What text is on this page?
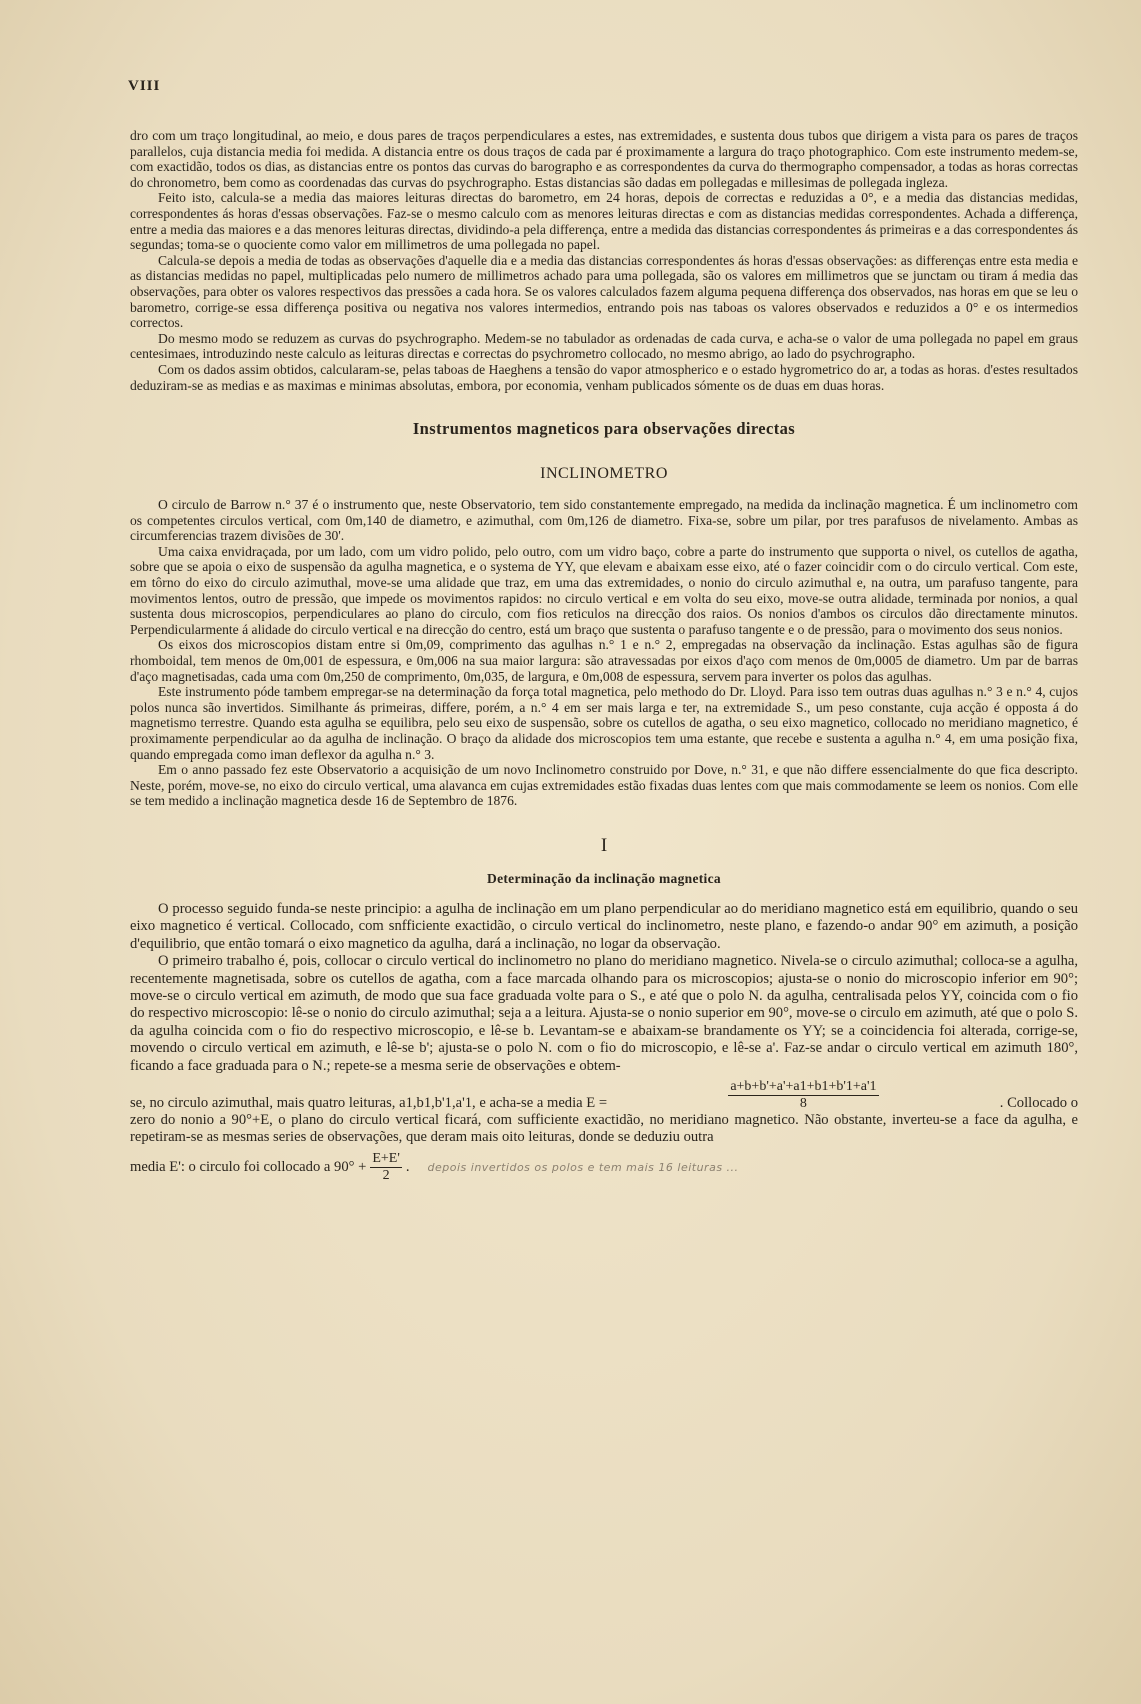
VIII

dro com um traço longitudinal, ao meio, e dous pares de traços perpendiculares a estes, nas extremidades, e sustenta dous tubos que dirigem a vista para os pares de traços parallelos, cuja distancia media foi medida. A distancia entre os dous traços de cada par é proximamente a largura do traço photographico. Com este instrumento medem-se, com exactidão, todos os dias, as distancias entre os pontos das curvas do barographo e as correspondentes da curva do thermographo compensador, a todas as horas correctas do chronometro, bem como as coordenadas das curvas do psychrographo. Estas distancias são dadas em pollegadas e millesimas de pollegada ingleza.

Feito isto, calcula-se a media das maiores leituras directas do barometro, em 24 horas, depois de correctas e reduzidas a 0°, e a media das distancias medidas, correspondentes ás horas d'essas observações. Faz-se o mesmo calculo com as menores leituras directas e com as distancias medidas correspondentes. Achada a differença, entre a media das maiores e a das menores leituras directas, dividindo-a pela differença, entre a medida das distancias correspondentes ás primeiras e a das correspondentes ás segundas; toma-se o quociente como valor em millimetros de uma pollegada no papel.

Calcula-se depois a media de todas as observações d'aquelle dia e a media das distancias correspondentes ás horas d'essas observações: as differenças entre esta media e as distancias medidas no papel, multiplicadas pelo numero de millimetros achado para uma pollegada, são os valores em millimetros que se junctam ou tiram á media das observações, para obter os valores respectivos das pressões a cada hora. Se os valores calculados fazem alguma pequena differença dos observados, nas horas em que se leu o barometro, corrige-se essa differença positiva ou negativa nos valores intermedios, entrando pois nas taboas os valores observados e reduzidos a 0° e os intermedios correctos.

Do mesmo modo se reduzem as curvas do psychrographo. Medem-se no tabulador as ordenadas de cada curva, e acha-se o valor de uma pollegada no papel em graus centesimaes, introduzindo neste calculo as leituras directas e correctas do psychrometro collocado, no mesmo abrigo, ao lado do psychrographo.

Com os dados assim obtidos, calcularam-se, pelas taboas de Haeghens a tensão do vapor atmospherico e o estado hygrometrico do ar, a todas as horas. d'estes resultados deduziram-se as medias e as maximas e minimas absolutas, embora, por economia, venham publicados sómente os de duas em duas horas.

Instrumentos magneticos para observações directas
INCLINOMETRO

O circulo de Barrow n.° 37 é o instrumento que, neste Observatorio, tem sido constantemente empregado, na medida da inclinação magnetica. É um inclinometro com os competentes circulos vertical, com 0m,140 de diametro, e azimuthal, com 0m,126 de diametro. Fixa-se, sobre um pilar, por tres parafusos de nivelamento. Ambas as circumferencias trazem divisões de 30'.

Uma caixa envidraçada, por um lado, com um vidro polido, pelo outro, com um vidro baço, cobre a parte do instrumento que supporta o nivel, os cutellos de agatha, sobre que se apoia o eixo de suspensão da agulha magnetica, e o systema de YY, que elevam e abaixam esse eixo, até o fazer coincidir com o do circulo vertical. Com este, em tôrno do eixo do circulo azimuthal, move-se uma alidade que traz, em uma das extremidades, o nonio do circulo azimuthal e, na outra, um parafuso tangente, para movimentos lentos, outro de pressão, que impede os movimentos rapidos: no circulo vertical e em volta do seu eixo, move-se outra alidade, terminada por nonios, a qual sustenta dous microscopios, perpendiculares ao plano do circulo, com fios reticulos na direcção dos raios. Os nonios d'ambos os circulos dão directamente minutos. Perpendicularmente á alidade do circulo vertical e na direcção do centro, está um braço que sustenta o parafuso tangente e o de pressão, para o movimento dos seus nonios.

Os eixos dos microscopios distam entre si 0m,09, comprimento das agulhas n.° 1 e n.° 2, empregadas na observação da inclinação. Estas agulhas são de figura rhomboidal, tem menos de 0m,001 de espessura, e 0m,006 na sua maior largura: são atravessadas por eixos d'aço com menos de 0m,0005 de diametro. Um par de barras d'aço magnetisadas, cada uma com 0m,250 de comprimento, 0m,035, de largura, e 0m,008 de espessura, servem para inverter os polos das agulhas.

Este instrumento póde tambem empregar-se na determinação da força total magnetica, pelo methodo do Dr. Lloyd. Para isso tem outras duas agulhas n.° 3 e n.° 4, cujos polos nunca são invertidos. Similhante ás primeiras, differe, porém, a n.° 4 em ser mais larga e ter, na extremidade S., um peso constante, cuja acção é opposta á do magnetismo terrestre. Quando esta agulha se equilibra, pelo seu eixo de suspensão, sobre os cutellos de agatha, o seu eixo magnetico, collocado no meridiano magnetico, é proximamente perpendicular ao da agulha de inclinação. O braço da alidade dos microscopios tem uma estante, que recebe e sustenta a agulha n.° 4, em uma posição fixa, quando empregada como iman deflexor da agulha n.° 3.

Em o anno passado fez este Observatorio a acquisição de um novo Inclinometro construido por Dove, n.° 31, e que não differe essencialmente do que fica descripto. Neste, porém, move-se, no eixo do circulo vertical, uma alavanca em cujas extremidades estão fixadas duas lentes com que mais commodamente se leem os nonios. Com elle se tem medido a inclinação magnetica desde 16 de Septembro de 1876.

I
Determinação da inclinação magnetica

O processo seguido funda-se neste principio: a agulha de inclinação em um plano perpendicular ao do meridiano magnetico está em equilibrio, quando o seu eixo magnetico é vertical. Collocado, com snfficiente exactidão, o circulo vertical do inclinometro, neste plano, e fazendo-o andar 90° em azimuth, a posição d'equilibrio, que então tomará o eixo magnetico da agulha, dará a inclinação, no logar da observação.

O primeiro trabalho é, pois, collocar o circulo vertical do inclinometro no plano do meridiano magnetico. Nivela-se o circulo azimuthal; colloca-se a agulha, recentemente magnetisada, sobre os cutellos de agatha, com a face marcada olhando para os microscopios; ajusta-se o nonio do microscopio inferior em 90°; move-se o circulo vertical em azimuth, de modo que sua face graduada volte para o S., e até que o polo N. da agulha, centralisada pelos YY, coincida com o fio do respectivo microscopio: lê-se o nonio do circulo azimuthal; seja a a leitura. Ajusta-se o nonio superior em 90°, move-se o circulo em azimuth, até que o polo S. da agulha coincida com o fio do respectivo microscopio, e lê-se b. Levantam-se e abaixam-se brandamente os YY; se a coincidencia foi alterada, corrige-se, movendo o circulo vertical em azimuth, e lê-se b'; ajusta-se o polo N. com o fio do microscopio, e lê-se a'. Faz-se andar o circulo vertical em azimuth 180°, ficando a face graduada para o N.; repete-se a mesma serie de observações e obtem-

se, no circulo azimuthal, mais quatro leituras, a1,b1,b'1,a'1, e acha-se a media E =	$\frac{a+b+b'+a'+a1+b1+b'1+a'1}{8}$	. Collocado o

zero do nonio a 90°+E, o plano do circulo vertical ficará, com sufficiente exactidão, no meridiano magnetico. Não obstante, inverteu-se a face da agulha, e repetiram-se as mesmas series de observações, que deram mais oito leituras, donde se deduziu outra

media E': o circulo foi collocado a $90^\circ + \frac{E+E'}{2}$ . depois invertidos os polos e tem mais 16 leituras ...
